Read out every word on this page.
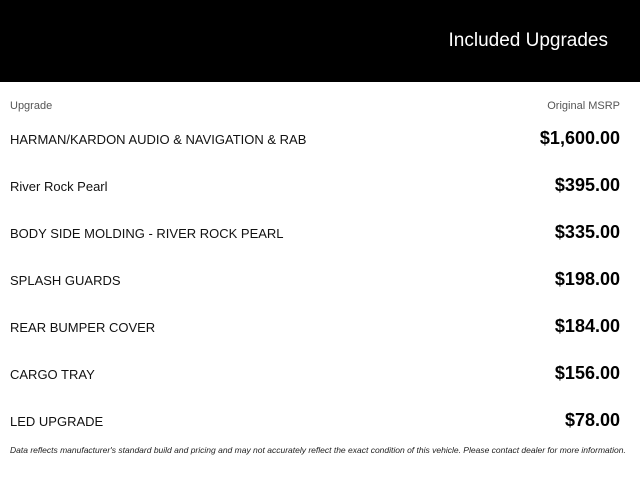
Included Upgrades
Upgrade	Original MSRP
HARMAN/KARDON AUDIO & NAVIGATION & RAB	$1,600.00
River Rock Pearl	$395.00
BODY SIDE MOLDING - RIVER ROCK PEARL	$335.00
SPLASH GUARDS	$198.00
REAR BUMPER COVER	$184.00
CARGO TRAY	$156.00
LED UPGRADE	$78.00
Data reflects manufacturer's standard build and pricing and may not accurately reflect the exact condition of this vehicle. Please contact dealer for more information.
